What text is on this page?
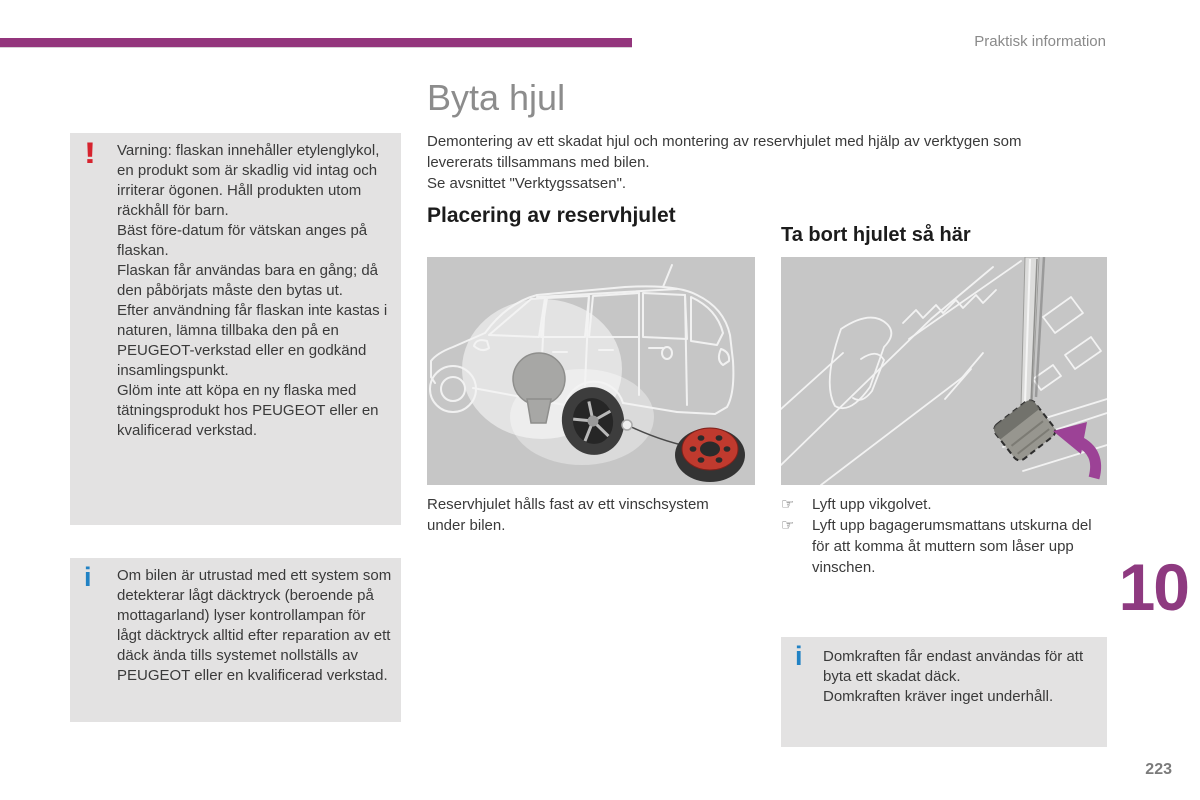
Praktisk information
Byta hjul
Demontering av ett skadat hjul och montering av reservhjulet med hjälp av verktygen som levererats tillsammans med bilen.
Se avsnittet "Verktygssatsen".
! Varning: flaskan innehåller etylenglykol, en produkt som är skadlig vid intag och irriterar ögonen. Håll produkten utom räckhåll för barn.

Bäst före-datum för vätskan anges på flaskan.

Flaskan får användas bara en gång; då den påbörjats måste den bytas ut.

Efter användning får flaskan inte kastas i naturen, lämna tillbaka den på en PEUGEOT-verkstad eller en godkänd insamlingspunkt.

Glöm inte att köpa en ny flaska med tätningsprodukt hos PEUGEOT eller en kvalificerad verkstad.

i Om bilen är utrustad med ett system som detekterar lågt däcktryck (beroende på mottagarland) lyser kontrollampan för lågt däcktryck alltid efter reparation av ett däck ända tills systemet nollställs av PEUGEOT eller en kvalificerad verkstad.

Placering av reservhjulet
Reservhjulet hålls fast av ett vinschsystem under bilen.
Ta bort hjulet så här
☞ Lyft upp vikgolvet.
☞ Lyft upp bagagerumsmattans utskurna del för att komma åt muttern som låser upp vinschen.
i Domkraften får endast användas för att byta ett skadat däck.

Domkraften kräver inget underhåll.

10
223
